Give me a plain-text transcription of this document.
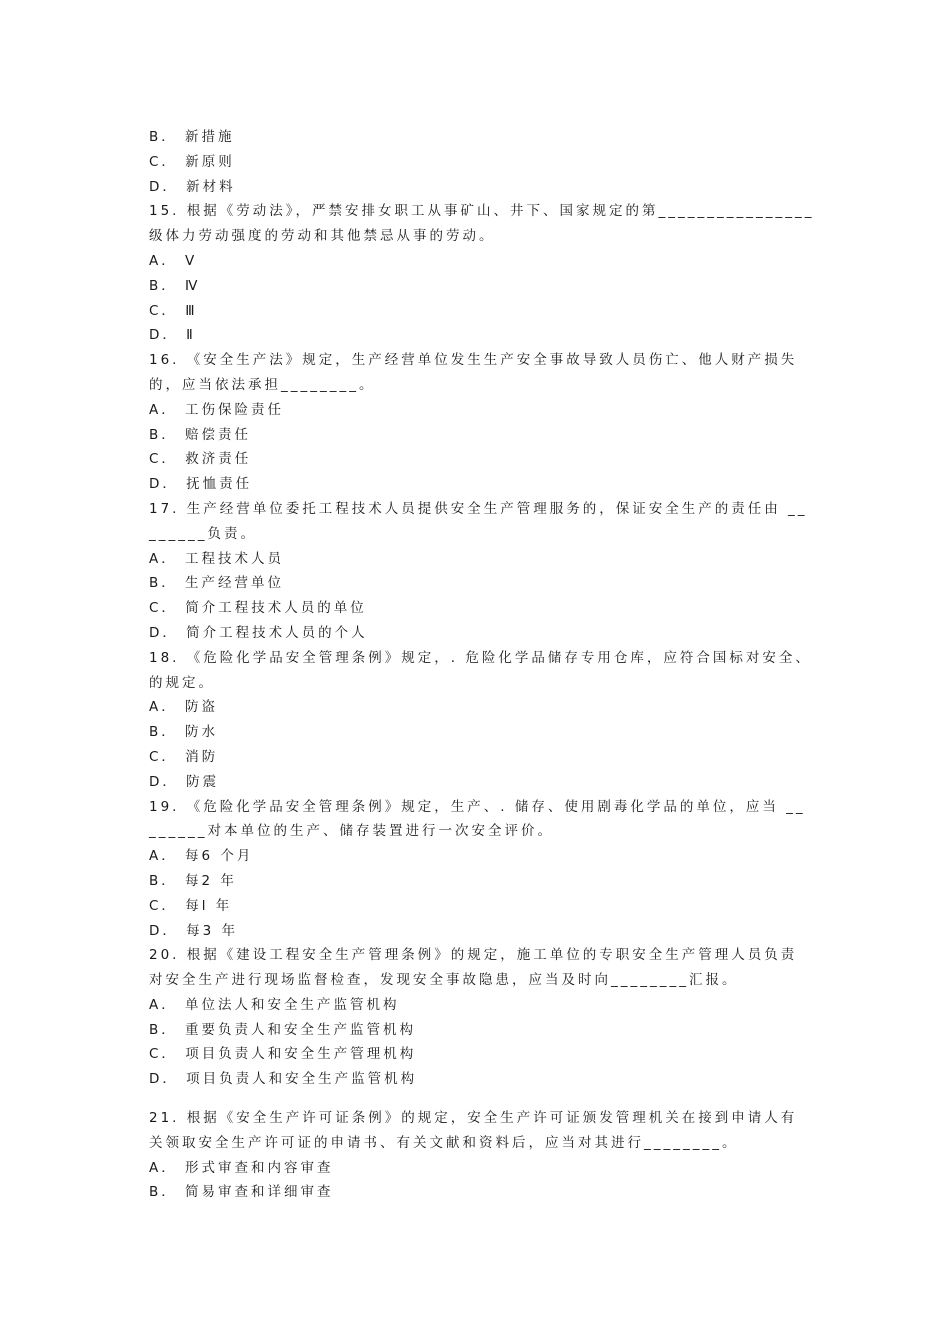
B． 新措施
C． 新原则
D． 新材料
15. 根据《劳动法》，严禁安排女职工从事矿山、井下、国家规定的第________________
级体力劳动强度的劳动和其他禁忌从事的劳动。
A． Ⅴ
B． Ⅳ
C． Ⅲ
D． Ⅱ
16. 《安全生产法》规定，生产经营单位发生生产安全事故导致人员伤亡、他人财产损失
的，应当依法承担________。
A． 工伤保险责任
B． 赔偿责任
C． 救济责任
D． 抚恤责任
17. 生产经营单位委托工程技术人员提供安全生产管理服务的，保证安全生产的责任由 __
______负责。
A． 工程技术人员
B． 生产经营单位
C． 简介工程技术人员的单位
D． 简介工程技术人员的个人
18. 《危险化学品安全管理条例》规定，. 危险化学品储存专用仓库，应符合国标对安全、
的规定。
A． 防盗
B． 防水
C． 消防
D． 防震
19. 《危险化学品安全管理条例》规定，生产、. 储存、使用剧毒化学品的单位，应当 __
______对本单位的生产、储存装置进行一次安全评价。
A． 每6 个月
B． 每2 年
C． 每l 年
D． 每3 年
20. 根据《建设工程安全生产管理条例》的规定，施工单位的专职安全生产管理人员负责
对安全生产进行现场监督检查，发现安全事故隐患，应当及时向________汇报。
A． 单位法人和安全生产监管机构
B． 重要负责人和安全生产监管机构
C． 项目负责人和安全生产管理机构
D． 项目负责人和安全生产监管机构
21. 根据《安全生产许可证条例》的规定，安全生产许可证颁发管理机关在接到申请人有
关领取安全生产许可证的申请书、有关文献和资料后，应当对其进行________。
A． 形式审查和内容审查
B． 简易审查和详细审查
